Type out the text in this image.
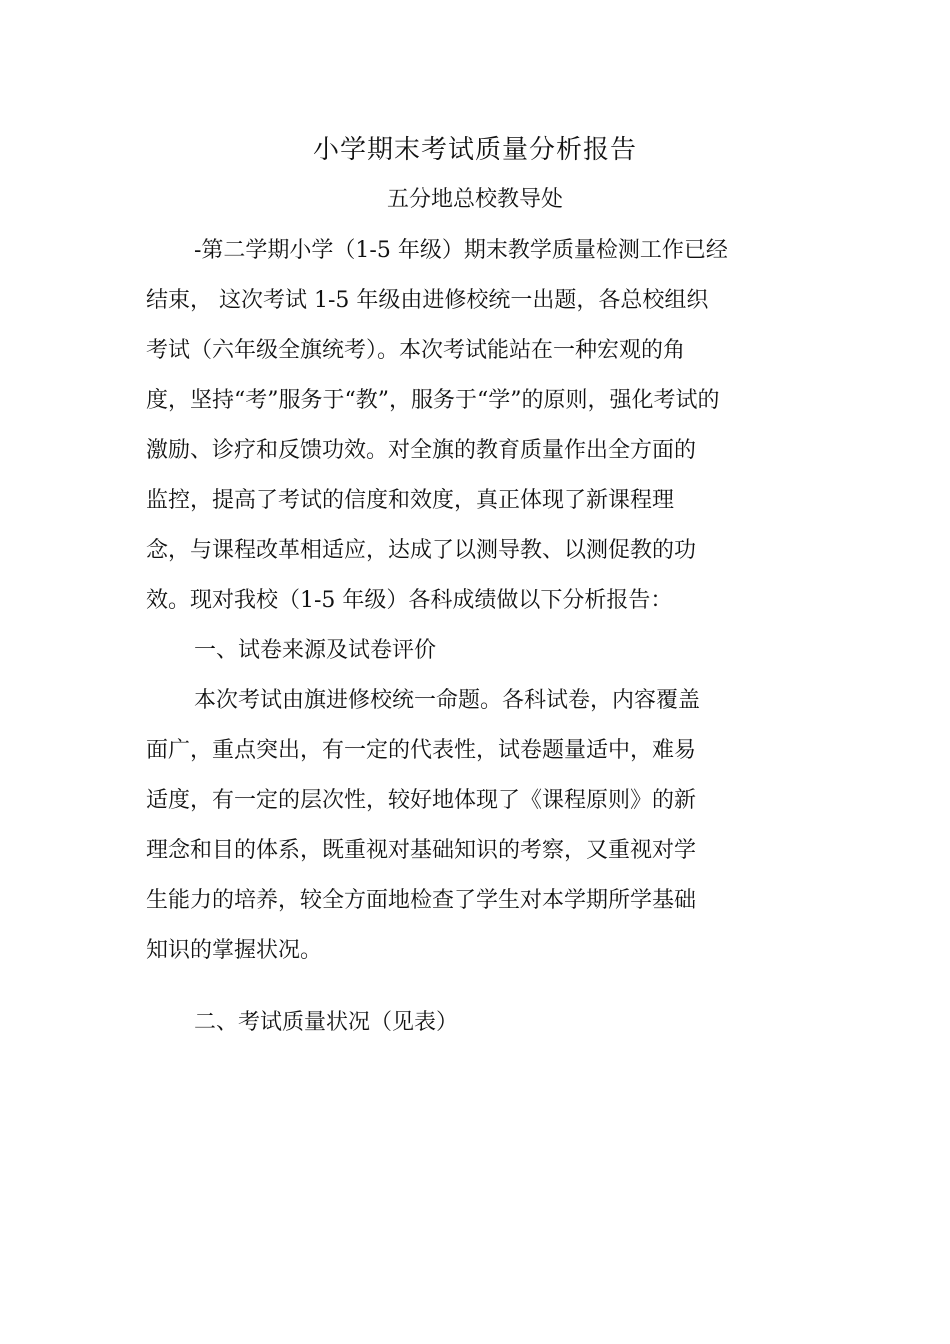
小学期末考试质量分析报告
五分地总校教导处
-第二学期小学（1-5 年级）期末教学质量检测工作已经
结束， 这次考试 1-5 年级由进修校统一出题，各总校组织
考试（六年级全旗统考）。本次考试能站在一种宏观的角
度，坚持“考”服务于“教”，服务于“学”的原则，强化考试的
激励、诊疗和反馈功效。对全旗的教育质量作出全方面的
监控，提高了考试的信度和效度，真正体现了新课程理
念，与课程改革相适应，达成了以测导教、以测促教的功
效。现对我校（1-5 年级）各科成绩做以下分析报告：
一、试卷来源及试卷评价
本次考试由旗进修校统一命题。各科试卷，内容覆盖
面广，重点突出，有一定的代表性，试卷题量适中，难易
适度，有一定的层次性，较好地体现了《课程原则》的新
理念和目的体系，既重视对基础知识的考察，又重视对学
生能力的培养，较全方面地检查了学生对本学期所学基础
知识的掌握状况。
二、考试质量状况（见表）
